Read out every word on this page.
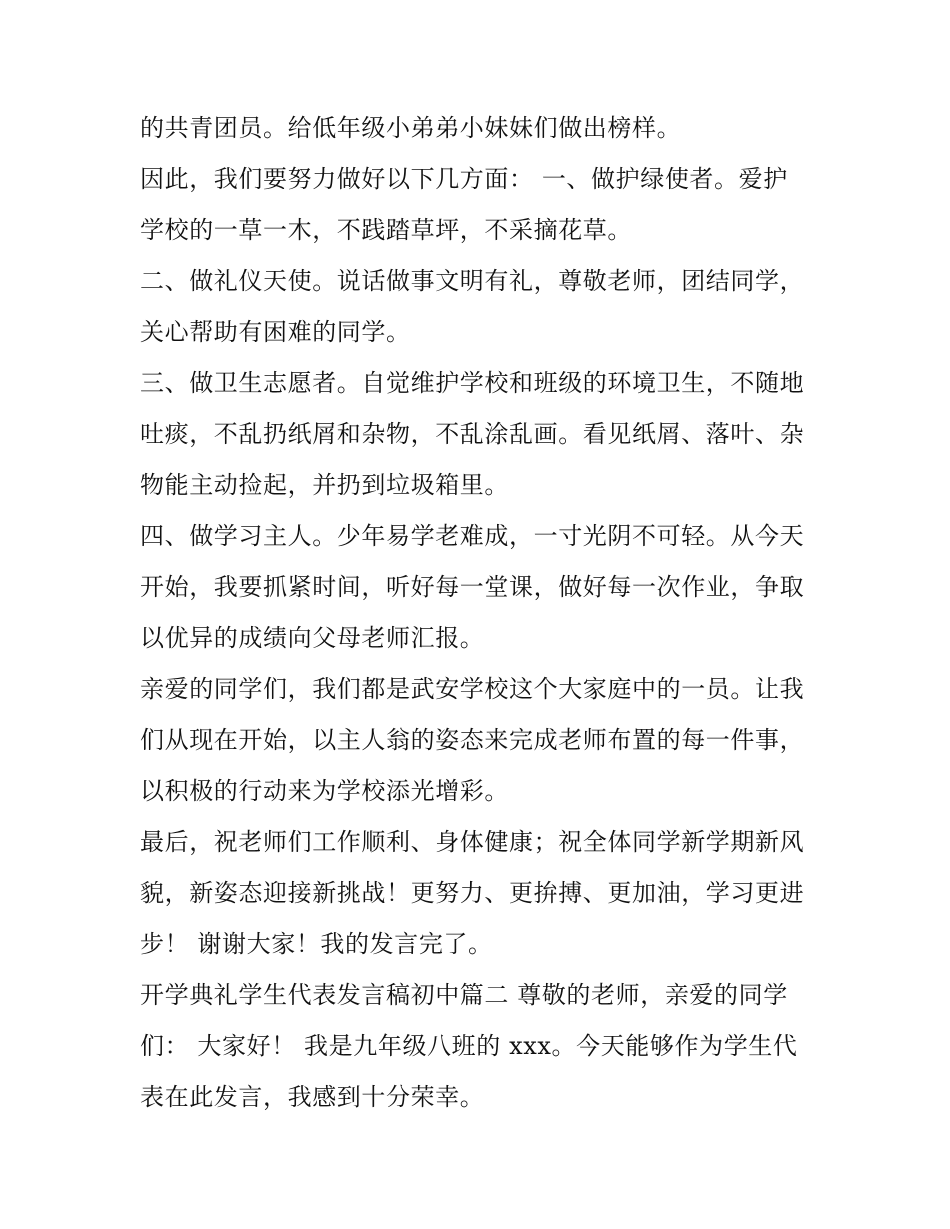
的共青团员。给低年级小弟弟小妹妹们做出榜样。
因此，我们要努力做好以下几方面： 一、做护绿使者。爱护
学校的一草一木，不践踏草坪，不采摘花草。
二、做礼仪天使。说话做事文明有礼，尊敬老师，团结同学，
关心帮助有困难的同学。
三、做卫生志愿者。自觉维护学校和班级的环境卫生，不随地
吐痰，不乱扔纸屑和杂物，不乱涂乱画。看见纸屑、落叶、杂
物能主动捡起，并扔到垃圾箱里。
四、做学习主人。少年易学老难成，一寸光阴不可轻。从今天
开始，我要抓紧时间，听好每一堂课，做好每一次作业，争取
以优异的成绩向父母老师汇报。
亲爱的同学们，我们都是武安学校这个大家庭中的一员。让我
们从现在开始，以主人翁的姿态来完成老师布置的每一件事，
以积极的行动来为学校添光增彩。
最后，祝老师们工作顺利、身体健康；祝全体同学新学期新风
貌，新姿态迎接新挑战！更努力、更拚搏、更加油，学习更进
步！ 谢谢大家！我的发言完了。
开学典礼学生代表发言稿初中篇二 尊敬的老师，亲爱的同学
们： 大家好！ 我是九年级八班的 xxx。今天能够作为学生代
表在此发言，我感到十分荣幸。
